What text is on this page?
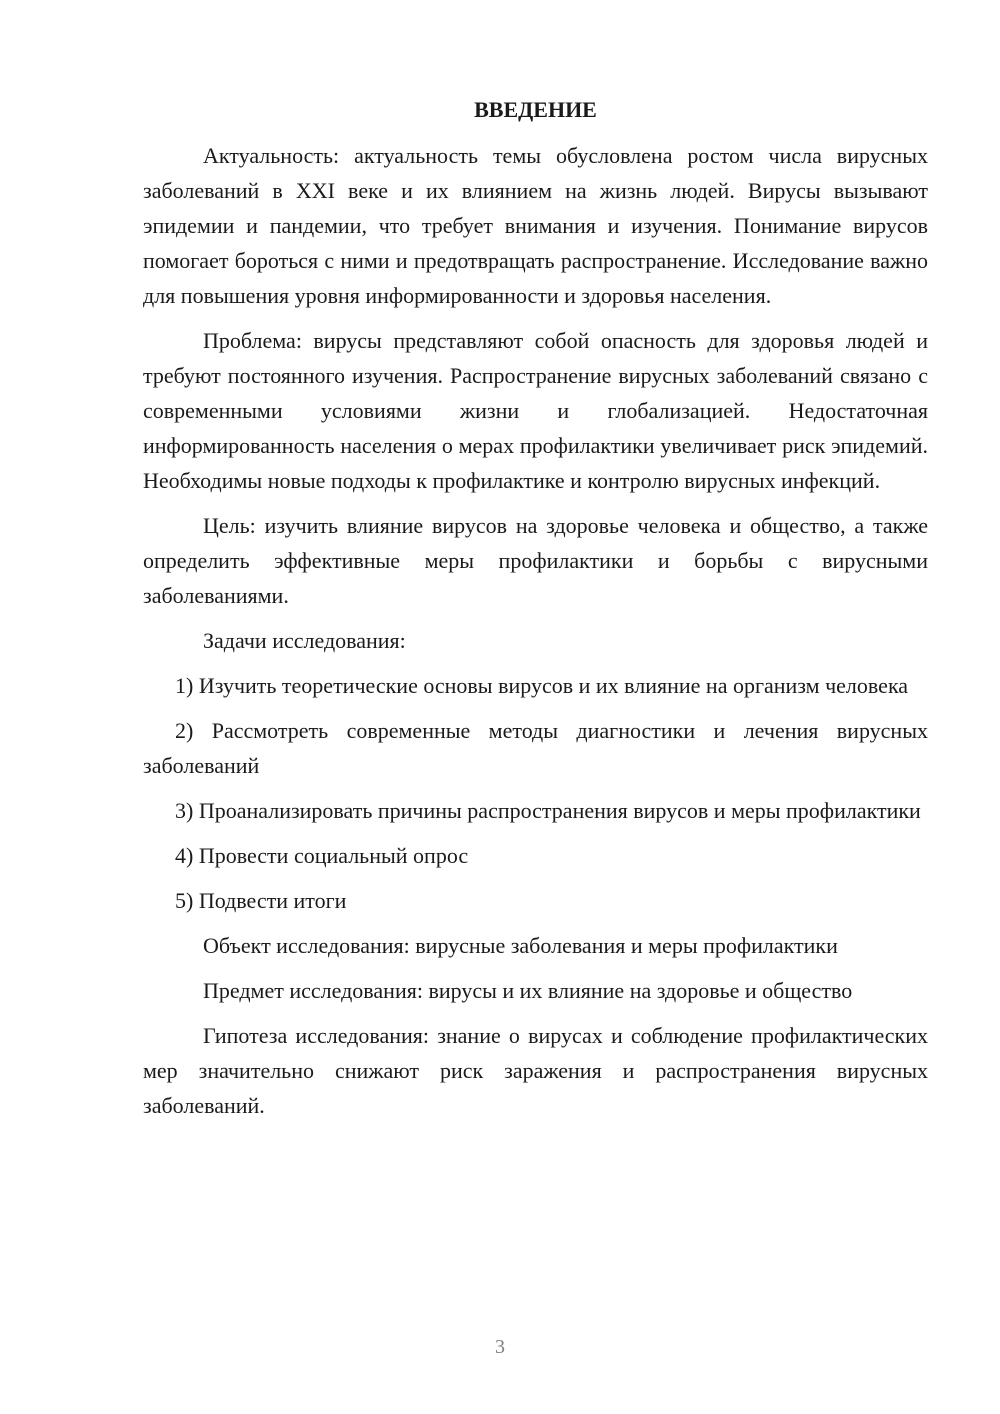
ВВЕДЕНИЕ

Актуальность: актуальность темы обусловлена ростом числа вирусных заболеваний в XXI веке и их влиянием на жизнь людей. Вирусы вызывают эпидемии и пандемии, что требует внимания и изучения. Понимание вирусов помогает бороться с ними и предотвращать распространение. Исследование важно для повышения уровня информированности и здоровья населения.

Проблема: вирусы представляют собой опасность для здоровья людей и требуют постоянного изучения. Распространение вирусных заболеваний связано с современными условиями жизни и глобализацией. Недостаточная информированность населения о мерах профилактики увеличивает риск эпидемий. Необходимы новые подходы к профилактике и контролю вирусных инфекций.

Цель: изучить влияние вирусов на здоровье человека и общество, а также определить эффективные меры профилактики и борьбы с вирусными заболеваниями.

Задачи исследования:

1) Изучить теоретические основы вирусов и их влияние на организм человека

2) Рассмотреть современные методы диагностики и лечения вирусных заболеваний

3) Проанализировать причины распространения вирусов и меры профилактики

4) Провести социальный опрос

5) Подвести итоги

Объект исследования: вирусные заболевания и меры профилактики

Предмет исследования: вирусы и их влияние на здоровье и общество

Гипотеза исследования: знание о вирусах и соблюдение профилактических мер значительно снижают риск заражения и распространения вирусных заболеваний.

3
